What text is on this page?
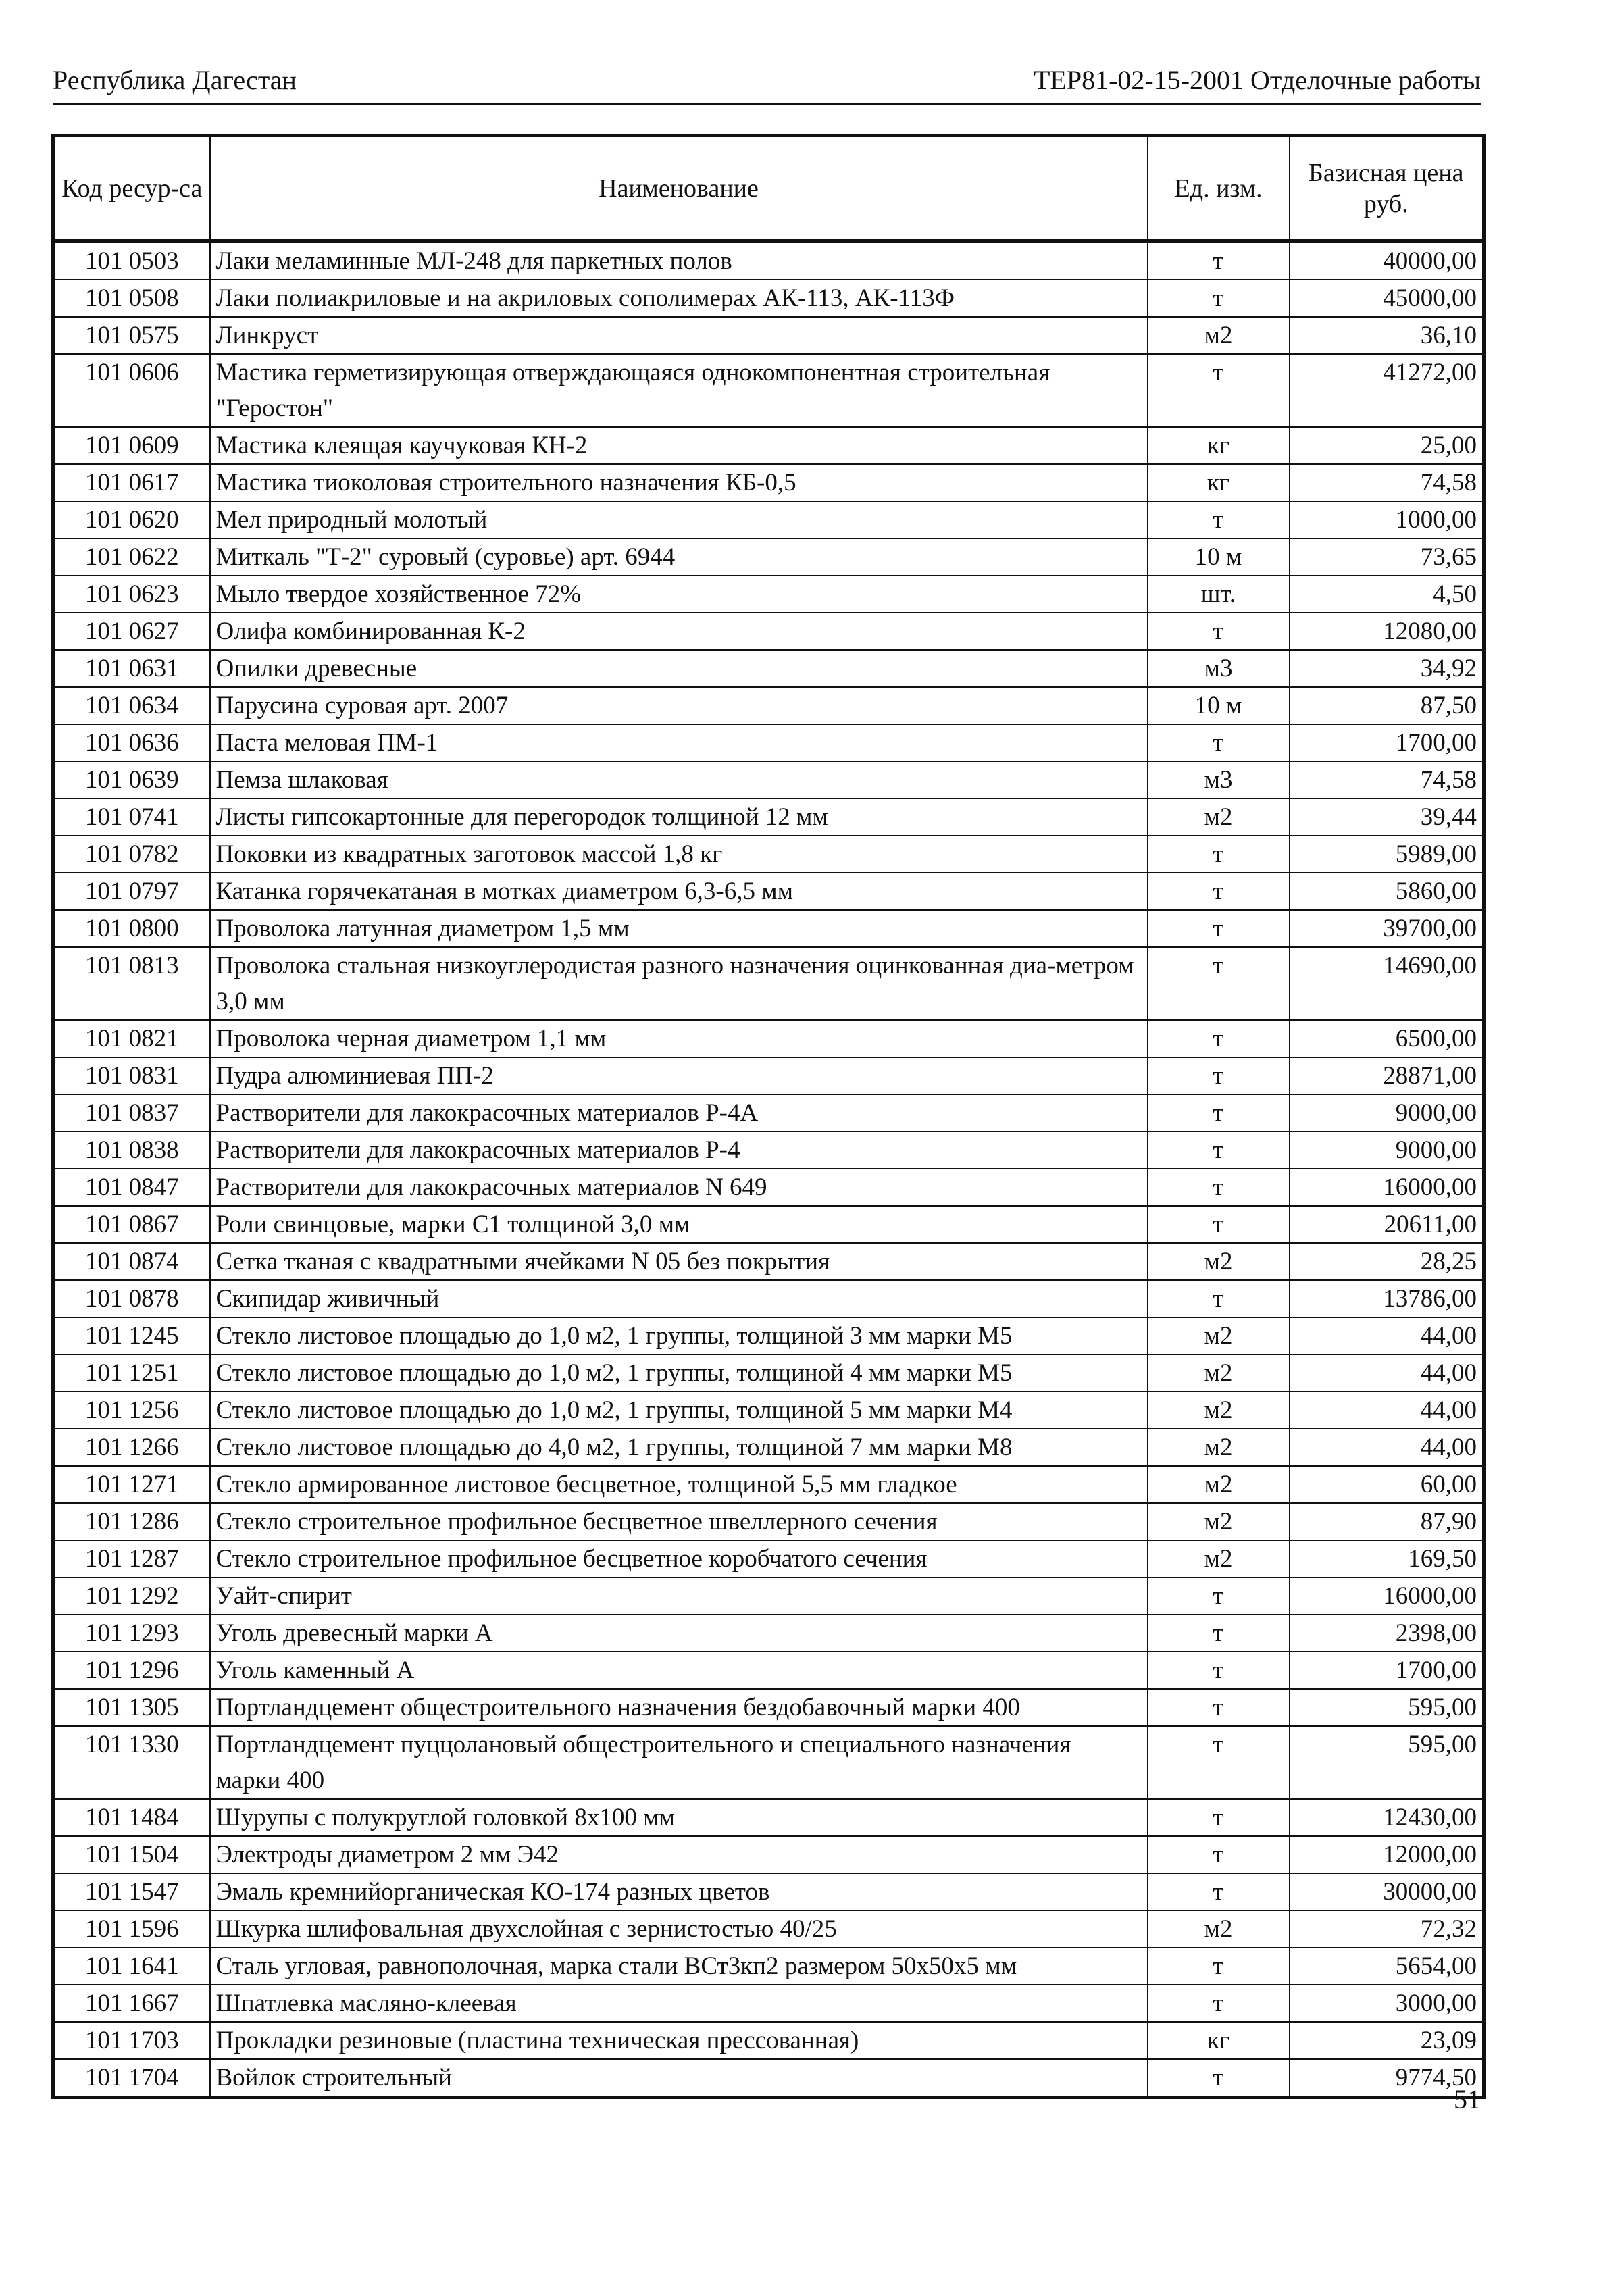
Республика Дагестан	ТЕР81-02-15-2001 Отделочные работы
Код ресур-са	Наименование	Ед. изм.	Базисная цена руб.
101 0503	Лаки меламинные МЛ-248 для паркетных полов	т	40000,00
101 0508	Лаки полиакриловые и на акриловых сополимерах АК-113, АК-113Ф	т	45000,00
101 0575	Линкруст	м2	36,10
101 0606	Мастика герметизирующая отверждающаяся однокомпонентная строительная "Геростон"	т	41272,00
101 0609	Мастика клеящая каучуковая КН-2	кг	25,00
101 0617	Мастика тиоколовая строительного назначения КБ-0,5	кг	74,58
101 0620	Мел природный молотый	т	1000,00
101 0622	Миткаль "Т-2" суровый (суровье) арт. 6944	10 м	73,65
101 0623	Мыло твердое хозяйственное 72%	шт.	4,50
101 0627	Олифа комбинированная К-2	т	12080,00
101 0631	Опилки древесные	м3	34,92
101 0634	Парусина суровая арт. 2007	10 м	87,50
101 0636	Паста меловая ПМ-1	т	1700,00
101 0639	Пемза шлаковая	м3	74,58
101 0741	Листы гипсокартонные для перегородок толщиной 12 мм	м2	39,44
101 0782	Поковки из квадратных заготовок массой 1,8 кг	т	5989,00
101 0797	Катанка горячекатаная в мотках диаметром 6,3-6,5 мм	т	5860,00
101 0800	Проволока латунная диаметром 1,5 мм	т	39700,00
101 0813	Проволока стальная низкоуглеродистая разного назначения оцинкованная диа-метром 3,0 мм	т	14690,00
101 0821	Проволока черная диаметром 1,1 мм	т	6500,00
101 0831	Пудра алюминиевая ПП-2	т	28871,00
101 0837	Растворители для лакокрасочных материалов Р-4А	т	9000,00
101 0838	Растворители для лакокрасочных материалов Р-4	т	9000,00
101 0847	Растворители для лакокрасочных материалов N 649	т	16000,00
101 0867	Роли свинцовые, марки С1 толщиной 3,0 мм	т	20611,00
101 0874	Сетка тканая с квадратными ячейками N 05 без покрытия	м2	28,25
101 0878	Скипидар живичный	т	13786,00
101 1245	Стекло листовое площадью до 1,0 м2, 1 группы, толщиной 3 мм марки М5	м2	44,00
101 1251	Стекло листовое площадью до 1,0 м2, 1 группы, толщиной 4 мм марки М5	м2	44,00
101 1256	Стекло листовое площадью до 1,0 м2, 1 группы, толщиной 5 мм марки М4	м2	44,00
101 1266	Стекло листовое площадью до 4,0 м2, 1 группы, толщиной 7 мм марки М8	м2	44,00
101 1271	Стекло армированное листовое бесцветное, толщиной 5,5 мм гладкое	м2	60,00
101 1286	Стекло строительное профильное бесцветное швеллерного сечения	м2	87,90
101 1287	Стекло строительное профильное бесцветное коробчатого сечения	м2	169,50
101 1292	Уайт-спирит	т	16000,00
101 1293	Уголь древесный марки А	т	2398,00
101 1296	Уголь каменный А	т	1700,00
101 1305	Портландцемент общестроительного назначения бездобавочный марки 400	т	595,00
101 1330	Портландцемент пуццолановый общестроительного и специального назначения марки 400	т	595,00
101 1484	Шурупы с полукруглой головкой 8х100 мм	т	12430,00
101 1504	Электроды диаметром 2 мм Э42	т	12000,00
101 1547	Эмаль кремнийорганическая КО-174 разных цветов	т	30000,00
101 1596	Шкурка шлифовальная двухслойная с зернистостью 40/25	м2	72,32
101 1641	Сталь угловая, равнополочная, марка стали ВСт3кп2 размером 50х50х5 мм	т	5654,00
101 1667	Шпатлевка масляно-клеевая	т	3000,00
101 1703	Прокладки резиновые (пластина техническая прессованная)	кг	23,09
101 1704	Войлок строительный	т	9774,50
51
